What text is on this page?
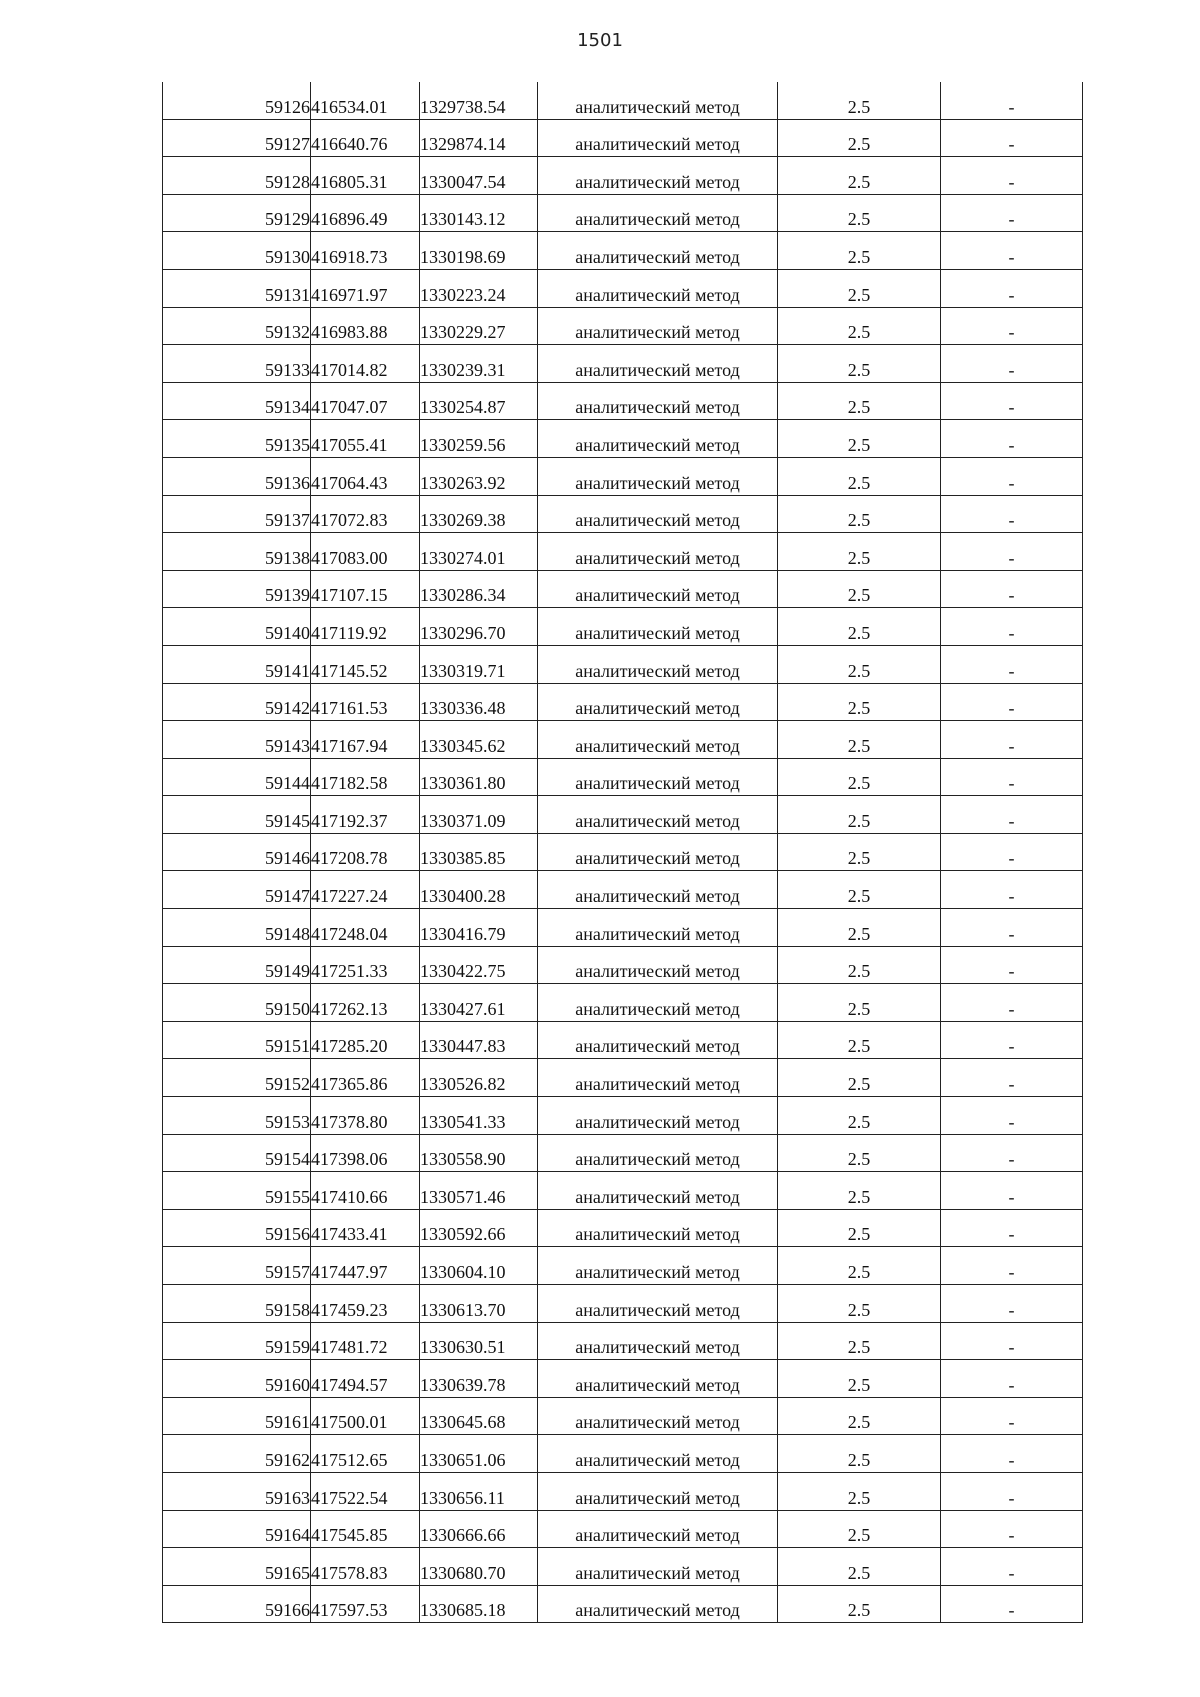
1501
59126	416534.01	1329738.54	аналитический метод	2.5	-
59127	416640.76	1329874.14	аналитический метод	2.5	-
59128	416805.31	1330047.54	аналитический метод	2.5	-
59129	416896.49	1330143.12	аналитический метод	2.5	-
59130	416918.73	1330198.69	аналитический метод	2.5	-
59131	416971.97	1330223.24	аналитический метод	2.5	-
59132	416983.88	1330229.27	аналитический метод	2.5	-
59133	417014.82	1330239.31	аналитический метод	2.5	-
59134	417047.07	1330254.87	аналитический метод	2.5	-
59135	417055.41	1330259.56	аналитический метод	2.5	-
59136	417064.43	1330263.92	аналитический метод	2.5	-
59137	417072.83	1330269.38	аналитический метод	2.5	-
59138	417083.00	1330274.01	аналитический метод	2.5	-
59139	417107.15	1330286.34	аналитический метод	2.5	-
59140	417119.92	1330296.70	аналитический метод	2.5	-
59141	417145.52	1330319.71	аналитический метод	2.5	-
59142	417161.53	1330336.48	аналитический метод	2.5	-
59143	417167.94	1330345.62	аналитический метод	2.5	-
59144	417182.58	1330361.80	аналитический метод	2.5	-
59145	417192.37	1330371.09	аналитический метод	2.5	-
59146	417208.78	1330385.85	аналитический метод	2.5	-
59147	417227.24	1330400.28	аналитический метод	2.5	-
59148	417248.04	1330416.79	аналитический метод	2.5	-
59149	417251.33	1330422.75	аналитический метод	2.5	-
59150	417262.13	1330427.61	аналитический метод	2.5	-
59151	417285.20	1330447.83	аналитический метод	2.5	-
59152	417365.86	1330526.82	аналитический метод	2.5	-
59153	417378.80	1330541.33	аналитический метод	2.5	-
59154	417398.06	1330558.90	аналитический метод	2.5	-
59155	417410.66	1330571.46	аналитический метод	2.5	-
59156	417433.41	1330592.66	аналитический метод	2.5	-
59157	417447.97	1330604.10	аналитический метод	2.5	-
59158	417459.23	1330613.70	аналитический метод	2.5	-
59159	417481.72	1330630.51	аналитический метод	2.5	-
59160	417494.57	1330639.78	аналитический метод	2.5	-
59161	417500.01	1330645.68	аналитический метод	2.5	-
59162	417512.65	1330651.06	аналитический метод	2.5	-
59163	417522.54	1330656.11	аналитический метод	2.5	-
59164	417545.85	1330666.66	аналитический метод	2.5	-
59165	417578.83	1330680.70	аналитический метод	2.5	-
59166	417597.53	1330685.18	аналитический метод	2.5	-
